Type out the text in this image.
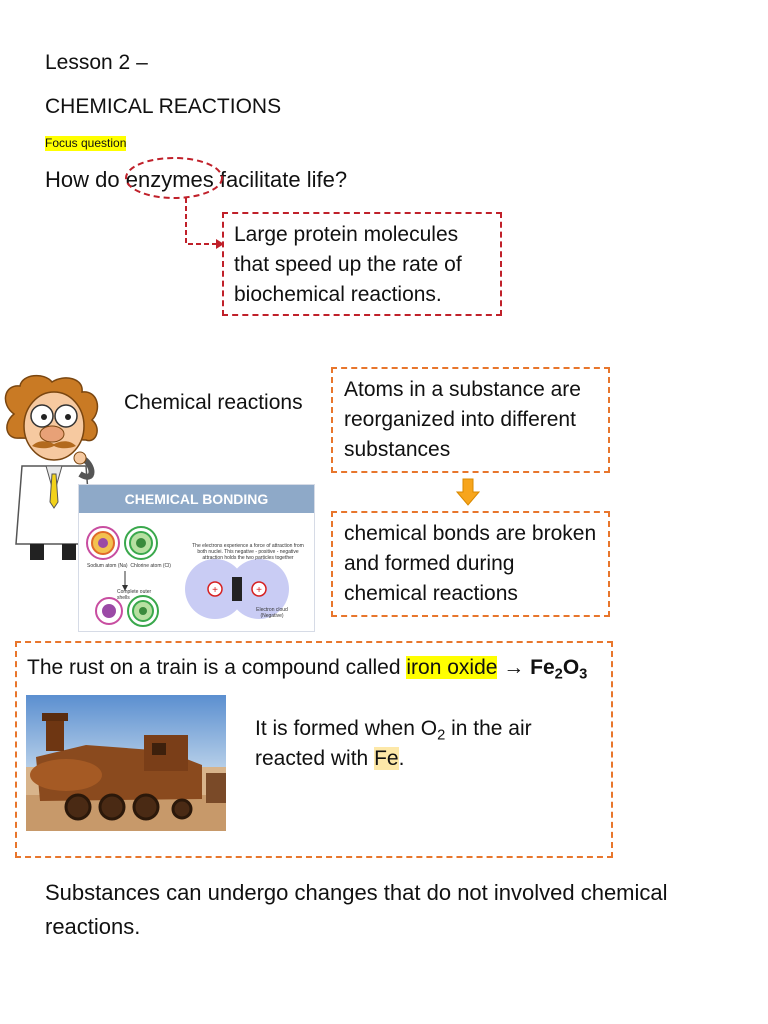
Lesson 2 –
CHEMICAL REACTIONS
Focus question
How do enzymes facilitate life?
Large protein molecules that speed up the rate of biochemical reactions.
Chemical reactions
Atoms in a substance are reorganized into different substances
chemical bonds are broken and formed during chemical reactions
CHEMICAL BONDING
+	+
Sodium atom (Na) Chlorine atom (Cl)
Complete outer shells
The electrons experience a force of attraction from both nuclei. This negative - positive - negative attraction holds the two particles together
Electron cloud (Negative)
The rust on a train is a compound called iron oxide → $Fe_2O_3$
It is formed when $O_2$ in the air reacted with Fe.
Substances can undergo changes that do not involved chemical reactions.
